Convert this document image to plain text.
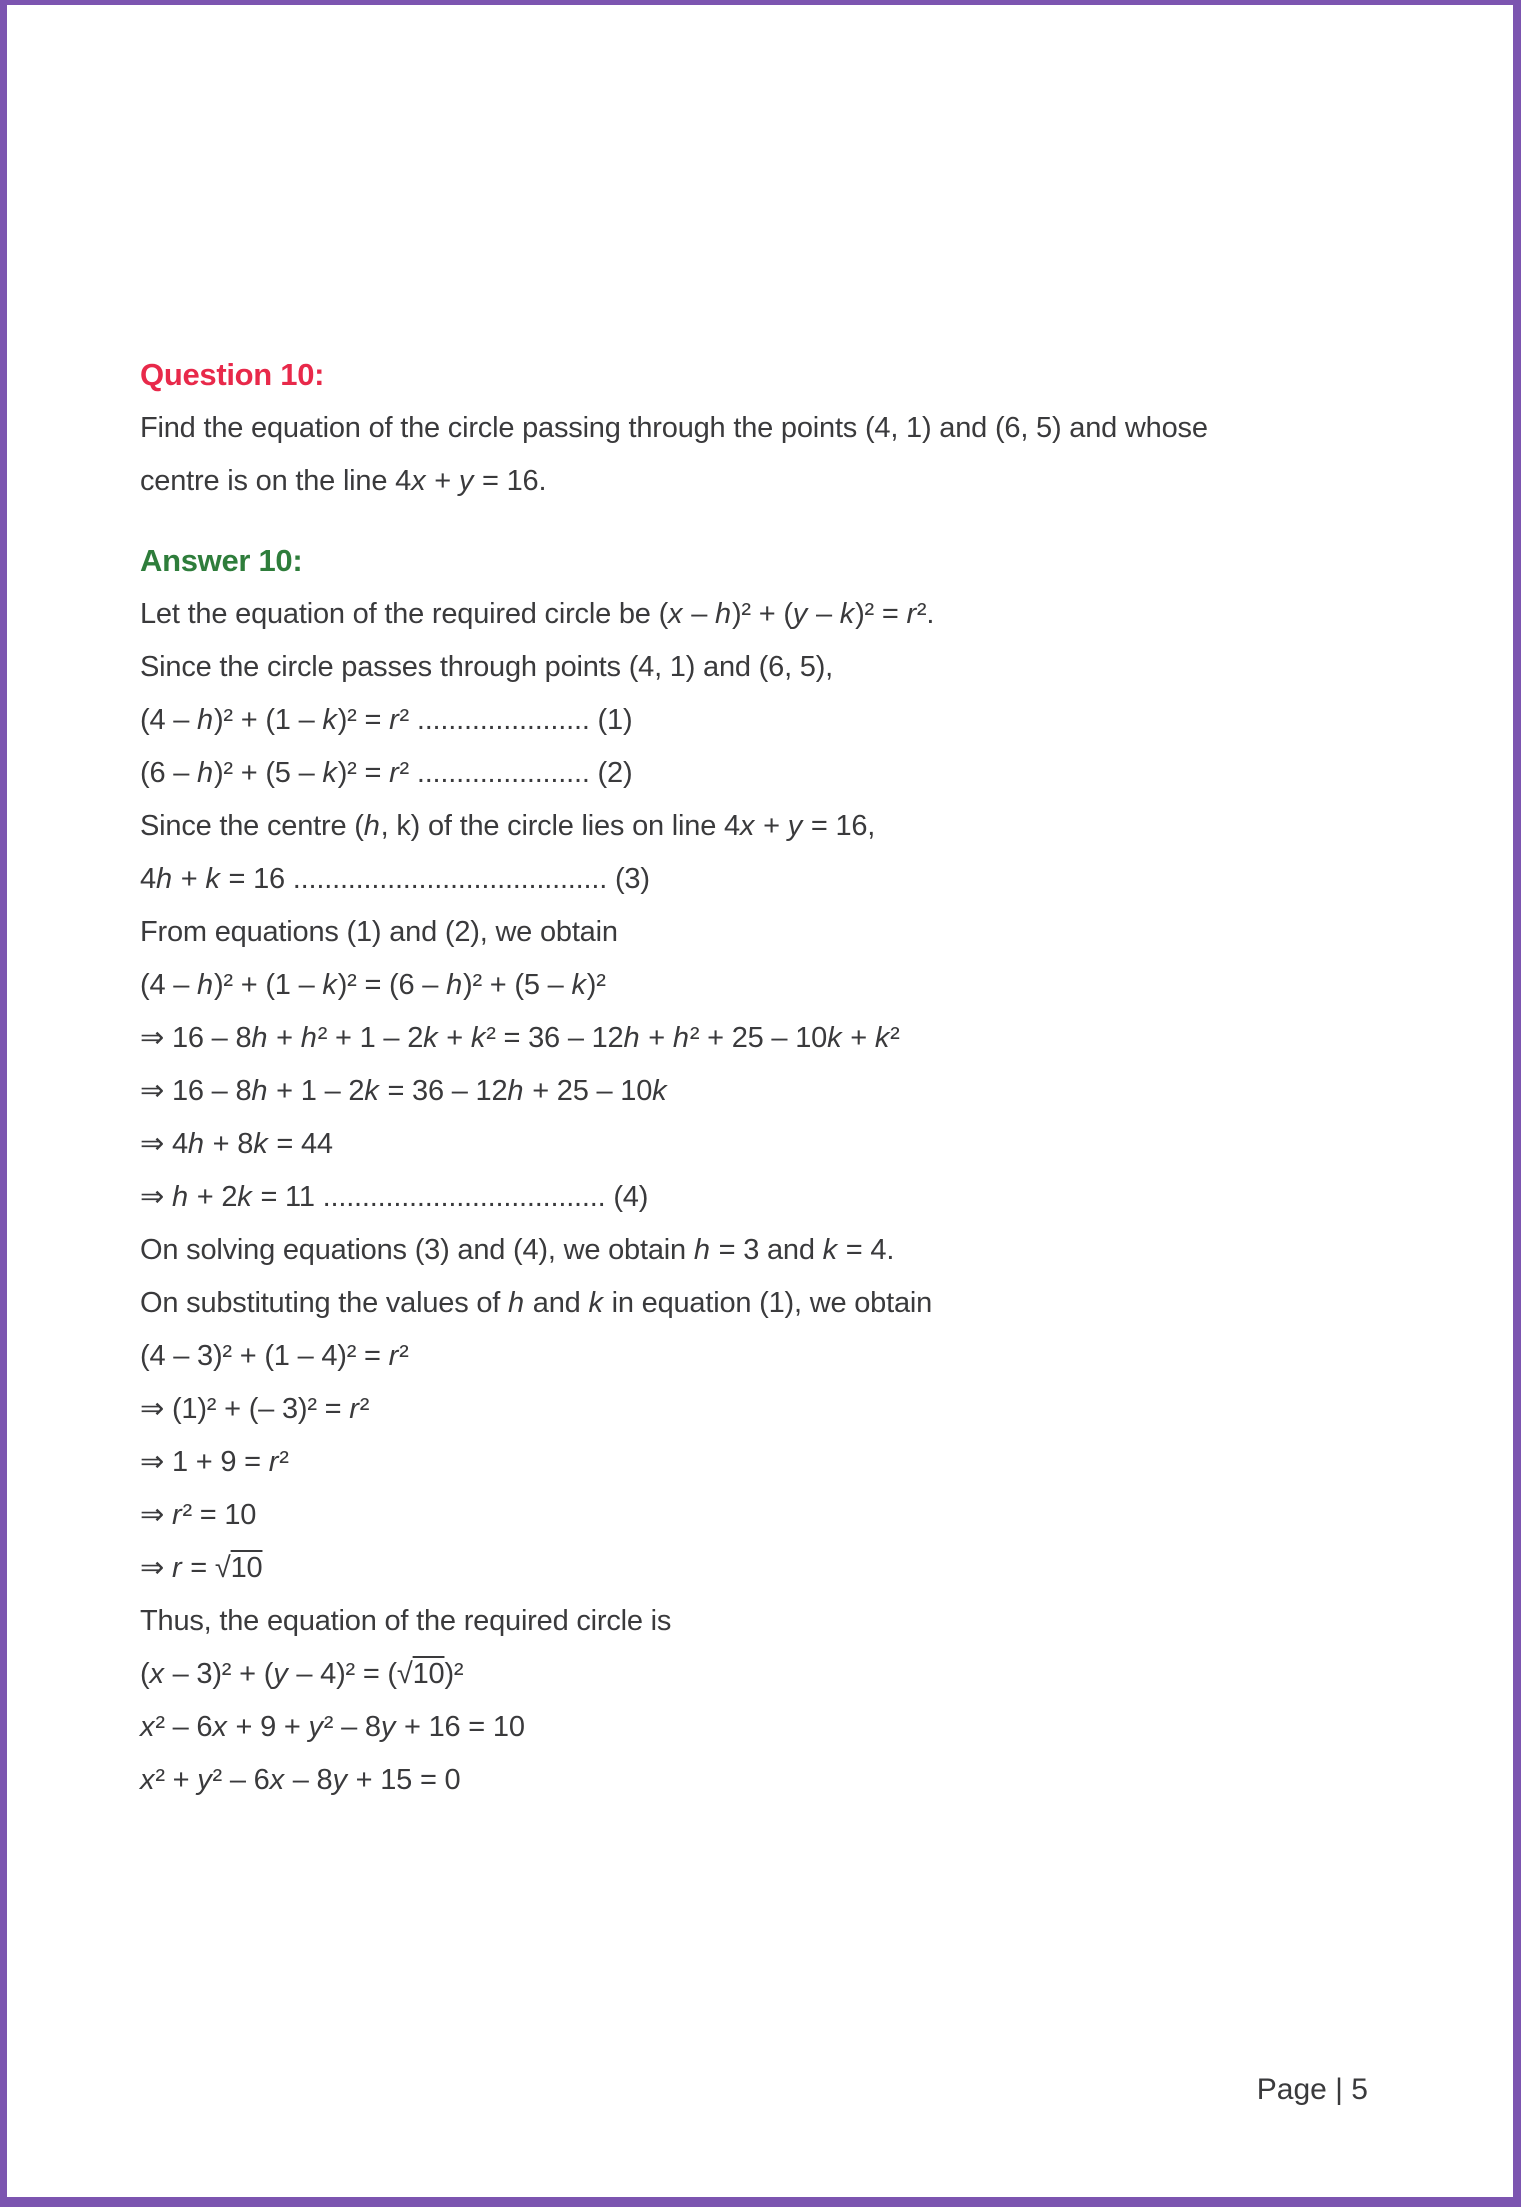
Question 10:

Find the equation of the circle passing through the points (4, 1) and (6, 5) and whose

centre is on the line 4x + y = 16.

Answer 10:

Let the equation of the required circle be (x – h)² + (y – k)² = r².

Since the circle passes through points (4, 1) and (6, 5),

(4 – h)² + (1 – k)² = r² ...................... (1)

(6 – h)² + (5 – k)² = r² ...................... (2)

Since the centre (h, k) of the circle lies on line 4x + y = 16,

4h + k = 16 ........................................ (3)

From equations (1) and (2), we obtain

(4 – h)² + (1 – k)² = (6 – h)² + (5 – k)²

⇒ 16 – 8h + h² + 1 – 2k + k² = 36 – 12h + h² + 25 – 10k + k²

⇒ 16 – 8h + 1 – 2k = 36 – 12h + 25 – 10k

⇒ 4h + 8k = 44

⇒ h + 2k = 11 .................................... (4)

On solving equations (3) and (4), we obtain h = 3 and k = 4.

On substituting the values of h and k in equation (1), we obtain

(4 – 3)² + (1 – 4)² = r²

⇒ (1)² + (– 3)² = r²

⇒ 1 + 9 = r²

⇒ r² = 10

⇒ r = √10

Thus, the equation of the required circle is

(x – 3)² + (y – 4)² = (√10)²

x² – 6x + 9 + y² – 8y + 16 = 10

x² + y² – 6x – 8y + 15 = 0

Page | 5
